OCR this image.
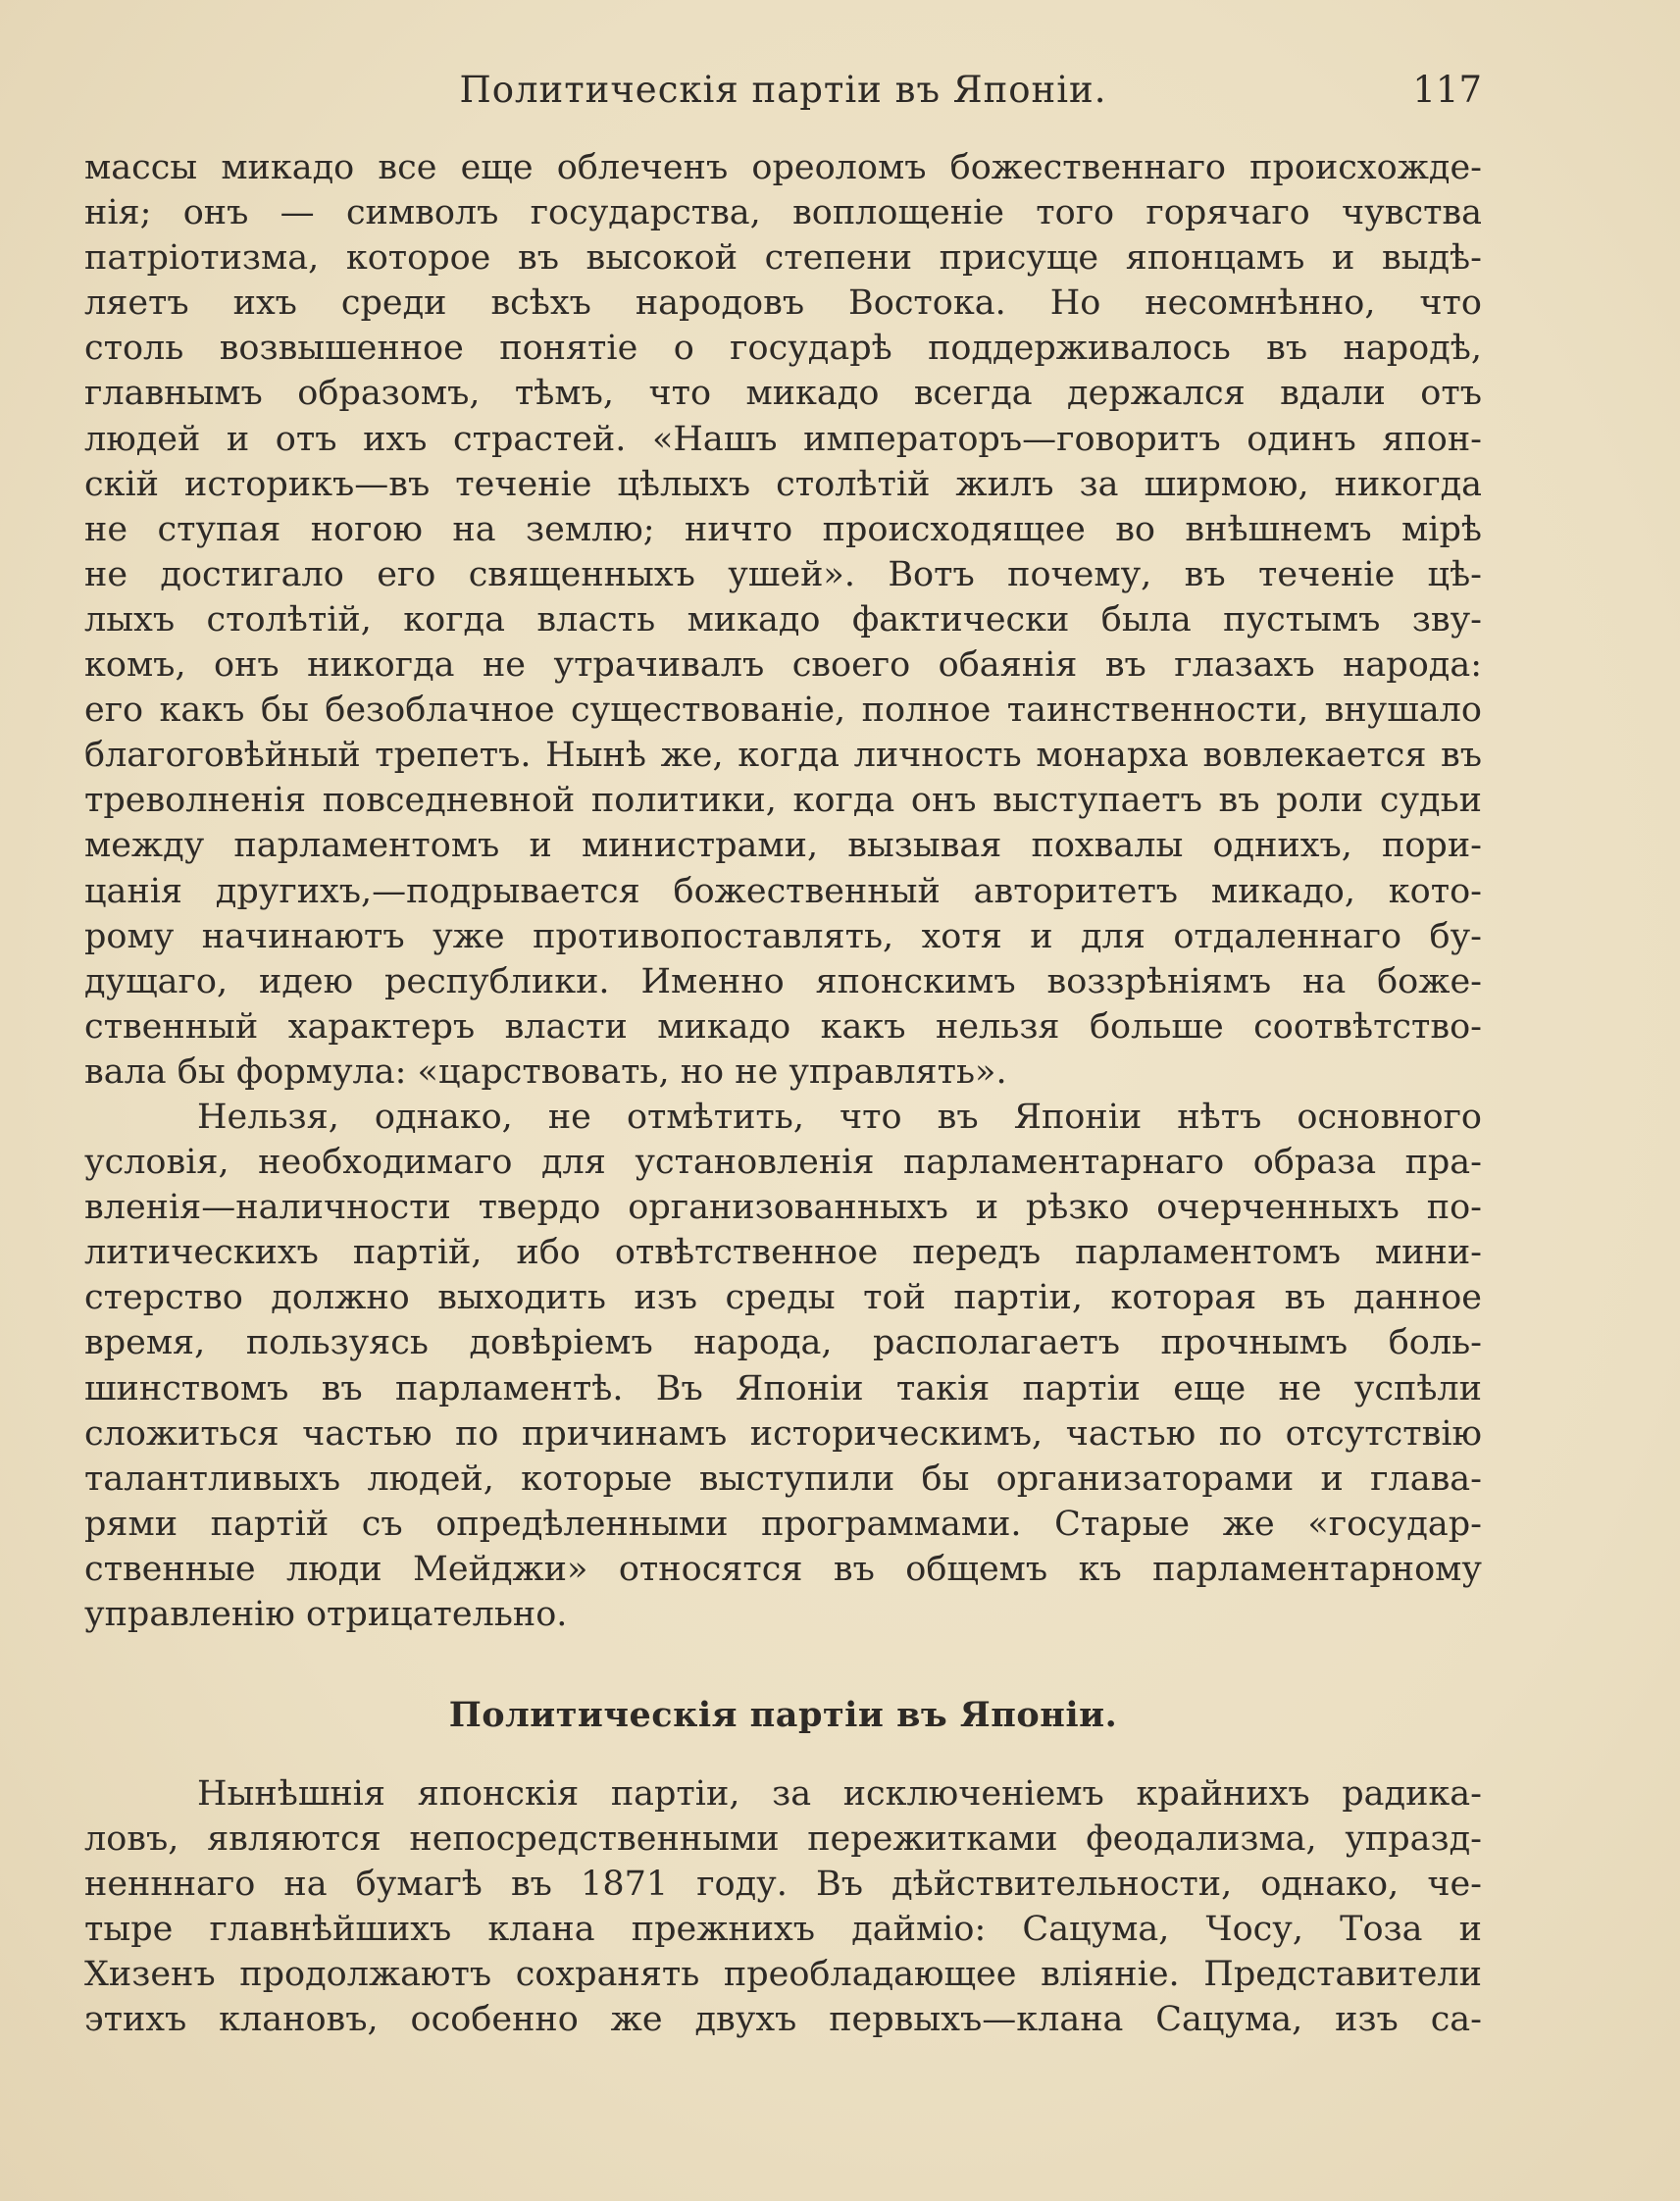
Политическія партіи въ Японіи.	117
массы микадо все еще облеченъ ореоломъ божественнаго происхожде-
нія; онъ — символъ государства, воплощеніе того горячаго чувства
патріотизма, которое въ высокой степени присуще японцамъ и выдѣ-
ляетъ ихъ среди всѣхъ народовъ Востока. Но несомнѣнно, что
столь возвышенное понятіе о государѣ поддерживалось въ народѣ,
главнымъ образомъ, тѣмъ, что микадо всегда держался вдали отъ
людей и отъ ихъ страстей. «Нашъ императоръ—говоритъ одинъ япон-
скій историкъ—въ теченіе цѣлыхъ столѣтій жилъ за ширмою, никогда
не ступая ногою на землю; ничто происходящее во внѣшнемъ мірѣ
не достигало его священныхъ ушей». Вотъ почему, въ теченіе цѣ-
лыхъ столѣтій, когда власть микадо фактически была пустымъ зву-
комъ, онъ никогда не утрачивалъ своего обаянія въ глазахъ народа:
его какъ бы безоблачное существованіе, полное таинственности, внушало
благоговѣйный трепетъ. Нынѣ же, когда личность монарха вовлекается въ
треволненія повседневной политики, когда онъ выступаетъ въ роли судьи
между парламентомъ и министрами, вызывая похвалы однихъ, пори-
цанія другихъ,—подрывается божественный авторитетъ микадо, кото-
рому начинаютъ уже противопоставлять, хотя и для отдаленнаго бу-
дущаго, идею республики. Именно японскимъ воззрѣніямъ на боже-
ственный характеръ власти микадо какъ нельзя больше соотвѣтство-
вала бы формула: «царствовать, но не управлять».
Нельзя, однако, не отмѣтить, что въ Японіи нѣтъ основного
условія, необходимаго для установленія парламентарнаго образа пра-
вленія—наличности твердо организованныхъ и рѣзко очерченныхъ по-
литическихъ партій, ибо отвѣтственное передъ парламентомъ мини-
стерство должно выходить изъ среды той партіи, которая въ данное
время, пользуясь довѣріемъ народа, располагаетъ прочнымъ боль-
шинствомъ въ парламентѣ. Въ Японіи такія партіи еще не успѣли
сложиться частью по причинамъ историческимъ, частью по отсутствію
талантливыхъ людей, которые выступили бы организаторами и глава-
рями партій съ опредѣленными программами. Старые же «государ-
ственные люди Мейджи» относятся въ общемъ къ парламентарному
управленію отрицательно.
Политическія партіи въ Японіи.
Нынѣшнія японскія партіи, за исключеніемъ крайнихъ радика-
ловъ, являются непосредственными пережитками феодализма, упразд-
ненннаго на бумагѣ въ 1871 году. Въ дѣйствительности, однако, че-
тыре главнѣйшихъ клана прежнихъ дайміо: Сацума, Чосу, Тоза и
Хизенъ продолжаютъ сохранять преобладающее вліяніе. Представители
этихъ клановъ, особенно же двухъ первыхъ—клана Сацума, изъ са-
